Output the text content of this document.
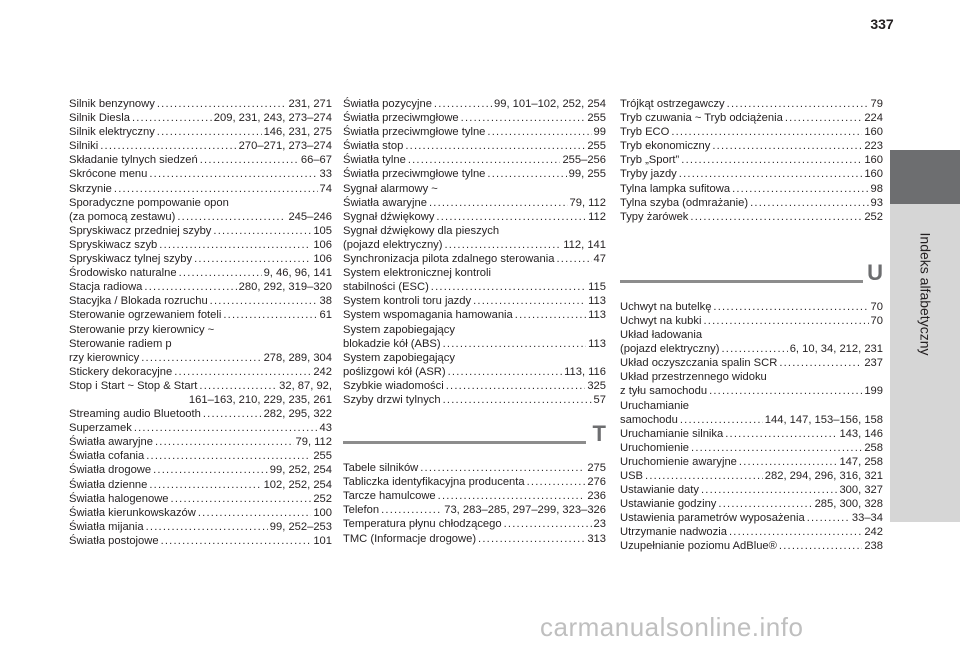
337
Indeks alfabetyczny
Silnik benzynowy .....	231, 271
Silnik Diesla .....	209, 231, 243, 273–274
Silnik elektryczny .....	146, 231, 275
Silniki .....	270–271, 273–274
Składanie tylnych siedzeń .....	66–67
Skrócone menu .....	33
Skrzynie .....	74
Sporadyczne pompowanie opon
(za pomocą zestawu) .....	245–246
Spryskiwacz przedniej szyby .....	105
Spryskiwacz szyb .....	106
Spryskiwacz tylnej szyby .....	106
Środowisko naturalne .....	9, 46, 96, 141
Stacja radiowa .....	280, 292, 319–320
Stacyjka / Blokada rozruchu .....	38
Sterowanie ogrzewaniem foteli .....	61
Sterowanie przy kierownicy ~
Sterowanie radiem p
rzy kierownicy .....	278, 289, 304
Stickery dekoracyjne .....	242
Stop i Start ~ Stop & Start .....	32, 87, 92,
161–163, 210, 229, 235, 261
Streaming audio Bluetooth .....	282, 295, 322
Superzamek .....	43
Światła awaryjne .....	79, 112
Światła cofania .....	255
Światła drogowe .....	99, 252, 254
Światła dzienne .....	102, 252, 254
Światła halogenowe .....	252
Światła kierunkowskazów .....	100
Światła mijania .....	99, 252–253
Światła postojowe .....	101
Światła pozycyjne .....	99, 101–102, 252, 254
Światła przeciwmgłowe .....	255
Światła przeciwmgłowe tylne .....	99
Światła stop .....	255
Światła tylne .....	255–256
Światła przeciwmgłowe tylne .....	99, 255
Sygnał alarmowy ~
Światła awaryjne .....	79, 112
Sygnał dźwiękowy .....	112
Sygnał dźwiękowy dla pieszych
(pojazd elektryczny) .....	112, 141
Synchronizacja pilota zdalnego sterowania .....	47
System elektronicznej kontroli
stabilności (ESC) .....	115
System kontroli toru jazdy .....	113
System wspomagania hamowania .....	113
System zapobiegający
blokadzie kół (ABS) .....	113
System zapobiegający
poślizgowi kół (ASR) .....	113, 116
Szybkie wiadomości .....	325
Szyby drzwi tylnych .....	57
T
Tabele silników .....	275
Tabliczka identyfikacyjna producenta .....	276
Tarcze hamulcowe .....	236
Telefon .....	73, 283–285, 297–299, 323–326
Temperatura płynu chłodzącego .....	23
TMC (Informacje drogowe) .....	313
Trójkąt ostrzegawczy .....	79
Tryb czuwania ~ Tryb odciążenia .....	224
Tryb ECO .....	160
Tryb ekonomiczny .....	223
Tryb „Sport” .....	160
Tryby jazdy .....	160
Tylna lampka sufitowa .....	98
Tylna szyba (odmrażanie) .....	93
Typy żarówek .....	252
U
Uchwyt na butelkę .....	70
Uchwyt na kubki .....	70
Układ ładowania
(pojazd elektryczny) .....	6, 10, 34, 212, 231
Układ oczyszczania spalin SCR .....	237
Układ przestrzennego widoku
z tyłu samochodu .....	199
Uruchamianie
samochodu .....	144, 147, 153–156, 158
Uruchamianie silnika .....	143, 146
Uruchomienie .....	258
Uruchomienie awaryjne .....	147, 258
USB .....	282, 294, 296, 316, 321
Ustawianie daty .....	300, 327
Ustawianie godziny .....	285, 300, 328
Ustawienia parametrów wyposażenia .....	33–34
Utrzymanie nadwozia .....	242
Uzupełnianie poziomu AdBlue® .....	238
carmanualsonline.info
